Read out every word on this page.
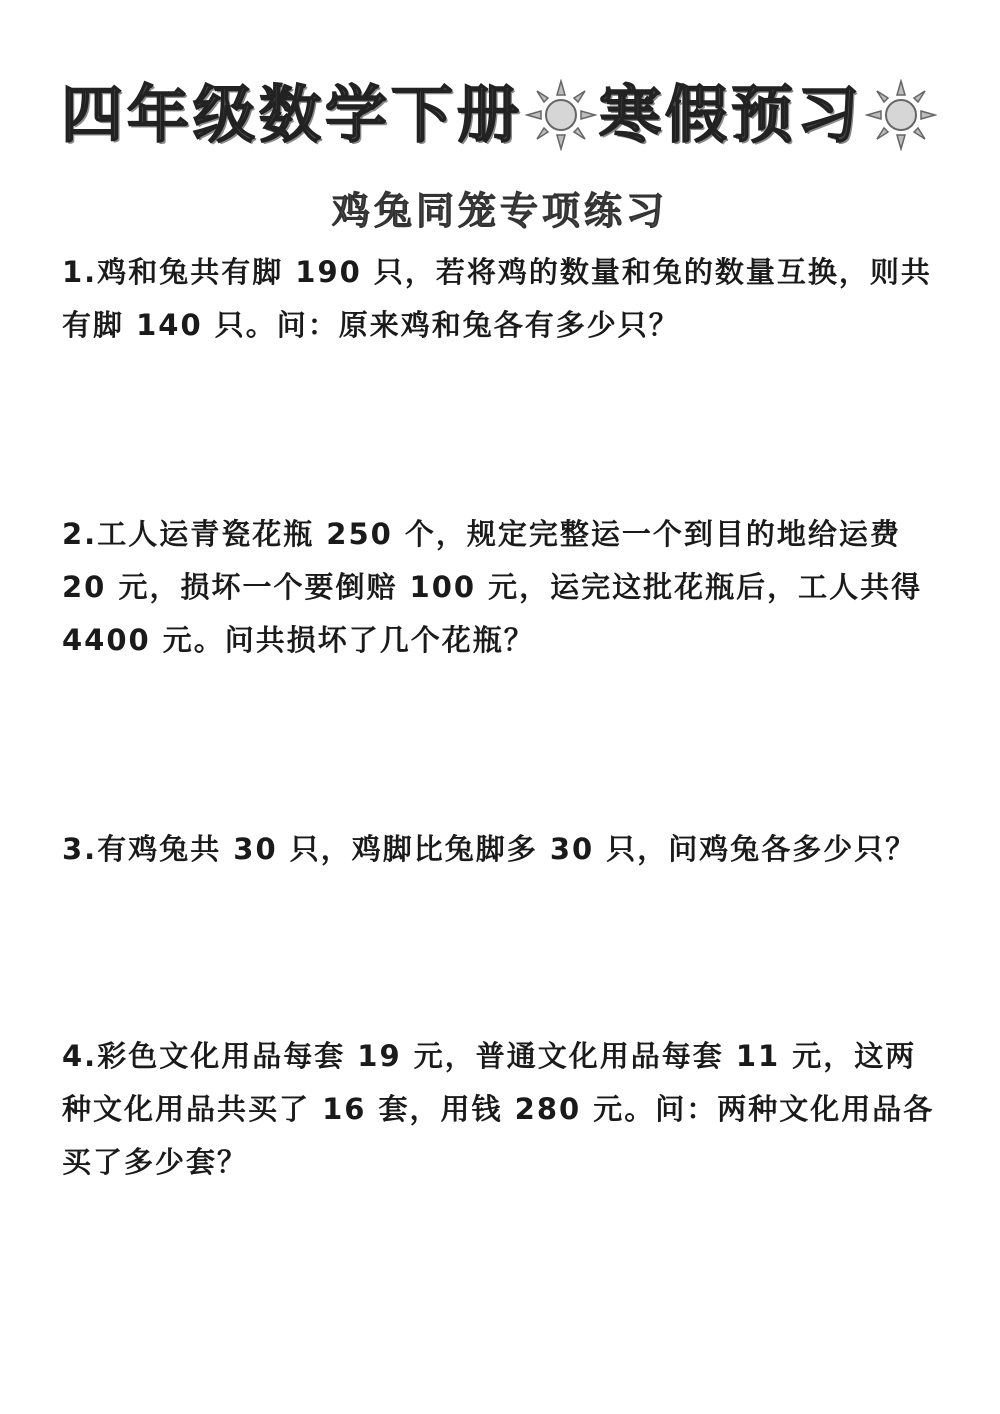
四年级数学下册 寒假预习
鸡兔同笼专项练习
1.鸡和兔共有脚 190 只，若将鸡的数量和兔的数量互换，则共有脚 140 只。问：原来鸡和兔各有多少只？
2.工人运青瓷花瓶 250 个，规定完整运一个到目的地给运费 20 元，损坏一个要倒赔 100 元，运完这批花瓶后，工人共得 4400 元。问共损坏了几个花瓶？
3.有鸡兔共 30 只，鸡脚比兔脚多 30 只，问鸡兔各多少只？
4.彩色文化用品每套 19 元，普通文化用品每套 11 元，这两种文化用品共买了 16 套，用钱 280 元。问：两种文化用品各买了多少套？
